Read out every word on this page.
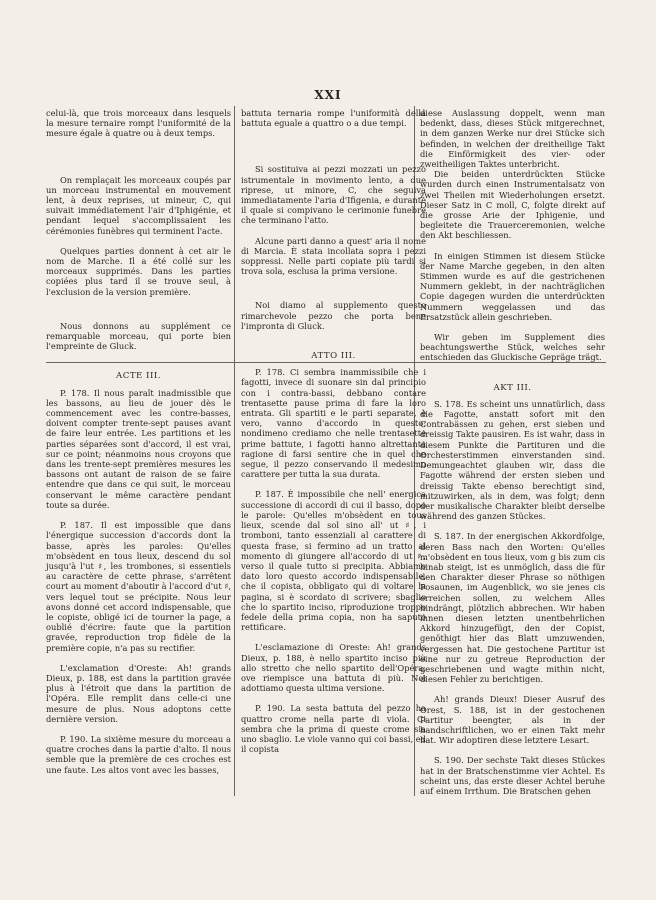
XXI

celui-là, que trois morceaux dans lesquels la mesure ternaire rompt l'uniformité de la mesure égale à quatre ou à deux temps.

On remplaçait les morceaux coupés par un morceau instrumental en mouvement lent, à deux reprises, ut mineur, C, qui suivait immédiatement l'air d'Iphigénie, et pendant lequel s'accomplissaient les cérémonies funèbres qui terminent l'acte.

Quelques parties donnent à cet air le nom de Marche. Il a été collé sur les morceaux supprimés. Dans les parties copiées plus tard il se trouve seul, à l'exclusion de la version première.

Nous donnons au supplément ce remarquable morceau, qui porte bien l'empreinte de Gluck.

ACTE III.

P. 178. Il nous paraît inadmissible que les bassons, au lieu de jouer dès le commencement avec les contre-basses, doivent compter trente-sept pauses avant de faire leur entrée. Les partitions et les parties séparées sont d'accord, il est vrai, sur ce point; néanmoins nous croyons que dans les trente-sept premières mesures les bassons ont autant de raison de se faire entendre que dans ce qui suit, le morceau conservant le même caractère pendant toute sa durée.

P. 187. Il est impossible que dans l'énergique succession d'accords dont la basse, après les paroles: Qu'elles m'obsèdent en tous lieux, descend du sol jusqu'à l'ut ♯, les trombones, si essentiels au caractère de cette phrase, s'arrêtent court au moment d'aboutir à l'accord d'ut ♯, vers lequel tout se précipite. Nous leur avons donné cet accord indispensable, que le copiste, obligé ici de tourner la page, a oublié d'écrire: faute que la partition gravée, reproduction trop fidèle de la première copie, n'a pas su rectifier.

L'exclamation d'Oreste: Ah! grands Dieux, p. 188, est dans la partition gravée plus à l'étroit que dans la partition de l'Opéra. Elle remplit dans celle-ci une mesure de plus. Nous adoptons cette dernière version.

P. 190. La sixième mesure du morceau a quatre croches dans la partie d'alto. Il nous semble que la première de ces croches est une faute. Les altos vont avec les basses,

battuta ternaria rompe l'uniformità della battuta eguale a quattro o a due tempi.

Si sostituiva ai pezzi mozzati un pezzo istrumentale in movimento lento, a due riprese, ut minore, C, che seguiva immediatamente l'aria d'Ifigenia, e durante il quale si compivano le cerimonie funebre che terminano l'atto.

Alcune parti danno a quest' aria il nome di Marcia. È stata incollata sopra i pezzi soppressi. Nelle parti copiate più tardi si trova sola, esclusa la prima versione.

Noi diamo al supplemento questo rimarchevole pezzo che porta bene l'impronta di Gluck.

ATTO III.

P. 178. Ci sembra inammissibile che i fagotti, invece di suonare sin dal principio con i contra-bassi, debbano contare trentasette pause prima di fare la loro entrata. Gli spartiti e le parti separate, è vero, vanno d'accordo in questo; nondimeno crediamo che nelle trentasette prime battute, i fagotti hanno altrettanta ragione di farsi sentire che in quel che segue, il pezzo conservando il medesimo carattere per tutta la sua durata.

P. 187. È impossibile che nell' energica successione di accordi di cui il basso, dopo le parole: Qu'elles m'obsèdent en tous lieux, scende dal sol sino all' ut ♯, i tromboni, tanto essenziali al carattere di questa frase, si fermino ad un tratto al momento di giungere all'accordo di ut ♯, verso il quale tutto si precipita. Abbiamo dato loro questo accordo indispensabile, che il copista, obbligato qui di voltare la pagina, si è scordato di scrivere; sbaglio che lo spartito inciso, riproduzione troppo fedele della prima copia, non ha saputo rettificare.

L'esclamazione di Oreste: Ah! grands Dieux, p. 188, è nello spartito inciso più allo stretto che nello spartito dell'Opéra, ove riempisce una battuta di più. Noi adottiamo questa ultima versione.

P. 190. La sesta battuta del pezzo ha quattro crome nella parte di viola. Ci sembra che la prima di queste crome sia uno sbaglio. Le viole vanno qui coi bassi, ed il copista

diese Auslassung doppelt, wenn man bedenkt, dass, dieses Stück mitgerechnet, in dem ganzen Werke nur drei Stücke sich befinden, in welchen der dreitheilige Takt die Einförmigkeit des vier- oder zweitheiligen Taktes unterbricht.

Die beiden unterdrückten Stücke wurden durch einen Instrumentalsatz von zwei Theilen mit Wiederholungen ersetzt. Dieser Satz in C moll, C, folgte direkt auf die grosse Arie der Iphigenie, und begleitete die Trauerceremonien, welche den Akt beschliessen.

In einigen Stimmen ist diesem Stücke der Name Marche gegeben, in den alten Stimmen wurde es auf die gestrichenen Nummern geklebt, in der nachträglichen Copie dagegen wurden die unterdrückten Nummern weggelassen und das Ersatzstück allein geschrieben.

Wir geben im Supplement dies beachtungswerthe Stück, welches sehr entschieden das Gluckische Gepräge trägt.

AKT III.

S. 178. Es scheint uns unnatürlich, dass die Fagotte, anstatt sofort mit den Contrabässen zu gehen, erst sieben und dreissig Takte pausiren. Es ist wahr, dass in diesem Punkte die Partituren und die Orchesterstimmen einverstanden sind. Demungeachtet glauben wir, dass die Fagotte während der ersten sieben und dreissig Takte ebenso berechtigt sind, mitzuwirken, als in dem, was folgt; denn der musikalische Charakter bleibt derselbe während des ganzen Stückes.

S. 187. In der energischen Akkordfolge, deren Bass nach den Worten: Qu'elles m'obsèdent en tous lieux, vom g bis zum cis hinab steigt, ist es unmöglich, dass die für den Charakter dieser Phrase so nöthigen Posaunen, im Augenblick, wo sie jenes cis erreichen sollen, zu welchem Alles hindrängt, plötzlich abbrechen. Wir haben ihnen diesen letzten unentbehrlichen Akkord hinzugefügt, den der Copist, genöthigt hier das Blatt umzuwenden, vergessen hat. Die gestochene Partitur ist eine nur zu getreue Reproduction der geschriebenen und wagte mithin nicht, diesen Fehler zu berichtigen.

Ah! grands Dieux! Dieser Ausruf des Orest, S. 188, ist in der gestochenen Partitur beengter, als in der handschriftlichen, wo er einen Takt mehr hat. Wir adoptiren diese letztere Lesart.

S. 190. Der sechste Takt dieses Stückes hat in der Bratschenstimme vier Achtel. Es scheint uns, das erste dieser Achtel beruhe auf einem Irrthum. Die Bratschen gehen
